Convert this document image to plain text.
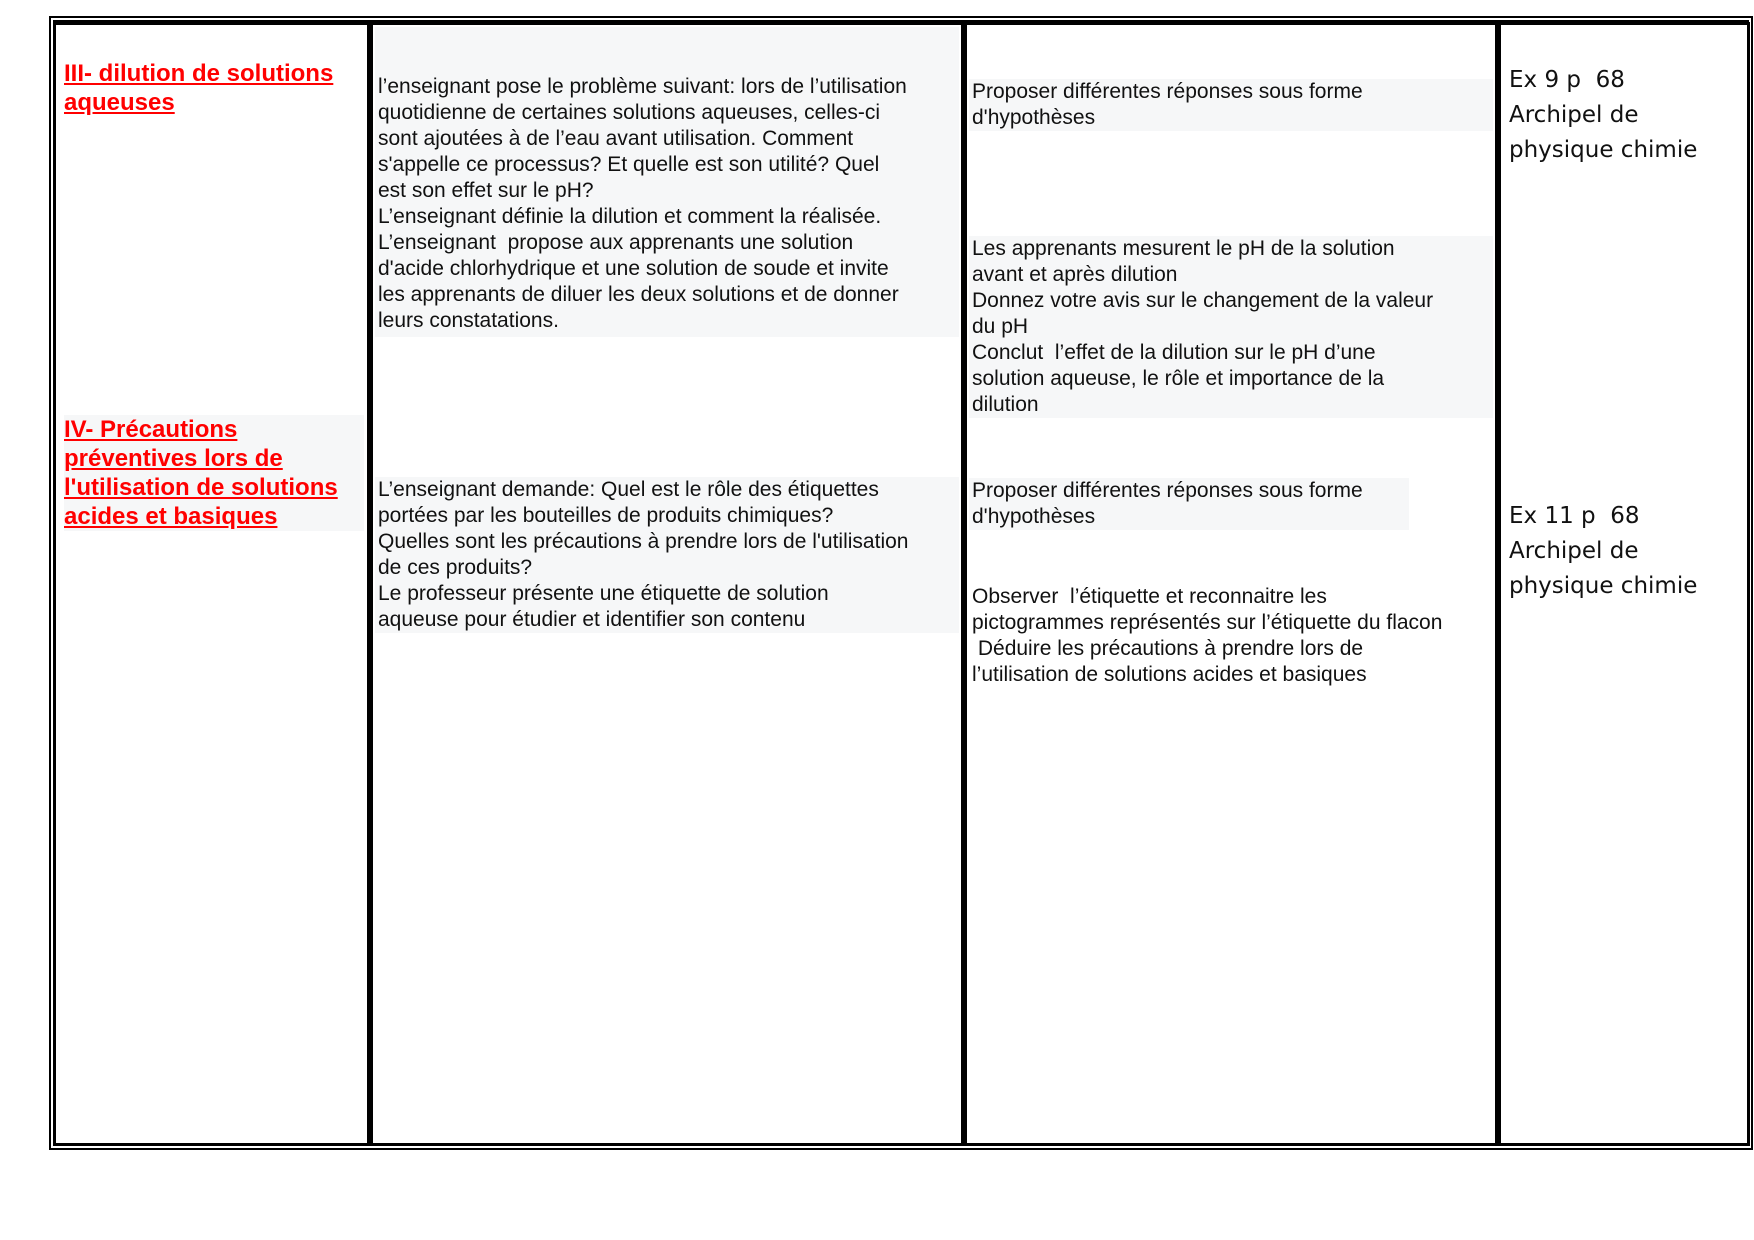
III- dilution de solutions
aqueuses
IV- Précautions
préventives lors de
l'utilisation de solutions
acides et basiques
l’enseignant pose le problème suivant: lors de l’utilisation
quotidienne de certaines solutions aqueuses, celles-ci
sont ajoutées à de l’eau avant utilisation. Comment
s'appelle ce processus? Et quelle est son utilité? Quel
est son effet sur le pH?
L’enseignant définie la dilution et comment la réalisée.
L’enseignant  propose aux apprenants une solution
d'acide chlorhydrique et une solution de soude et invite
les apprenants de diluer les deux solutions et de donner
leurs constatations.
L’enseignant demande: Quel est le rôle des étiquettes
portées par les bouteilles de produits chimiques?
Quelles sont les précautions à prendre lors de l'utilisation
de ces produits?
Le professeur présente une étiquette de solution
aqueuse pour étudier et identifier son contenu
Proposer différentes réponses sous forme
d'hypothèses
Les apprenants mesurent le pH de la solution
avant et après dilution
Donnez votre avis sur le changement de la valeur
du pH
Conclut  l’effet de la dilution sur le pH d’une
solution aqueuse, le rôle et importance de la
dilution
Proposer différentes réponses sous forme
d'hypothèses
Observer  l’étiquette et reconnaitre les
pictogrammes représentés sur l’étiquette du flacon
Déduire les précautions à prendre lors de
l’utilisation de solutions acides et basiques
Ex 9 p  68
Archipel de
physique chimie
Ex 11 p  68
Archipel de
physique chimie
